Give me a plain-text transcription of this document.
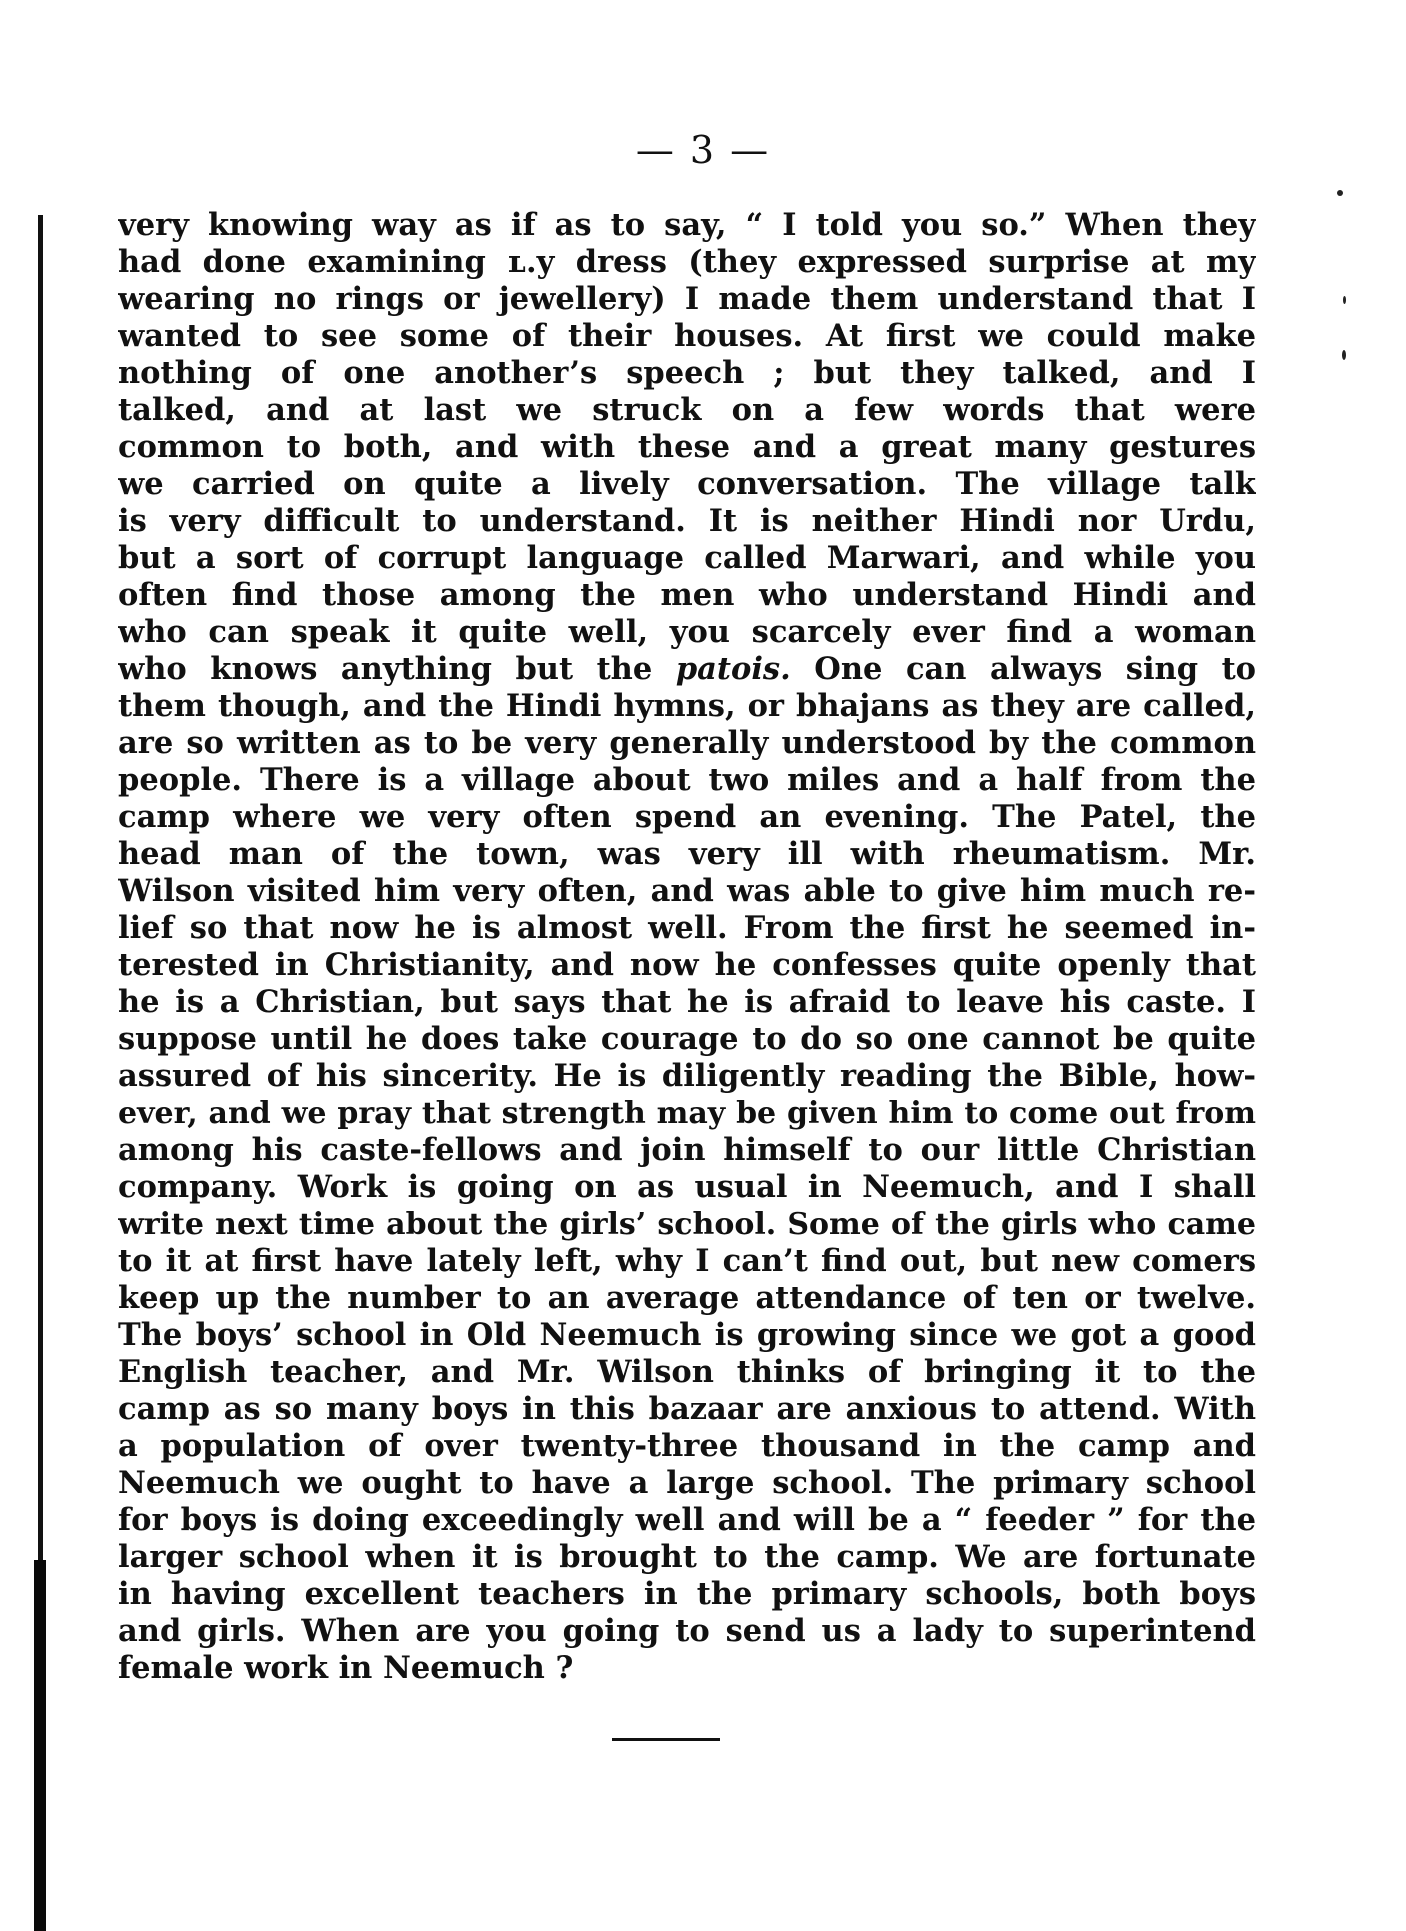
— 3 —
very knowing way as if as to say, “ I told you so.” When they
had done examining ʟ.y dress (they expressed surprise at my
wearing no rings or jewellery) I made them understand that I
wanted to see some of their houses. At first we could make
nothing of one another’s speech ; but they talked, and I
talked, and at last we struck on a few words that were
common to both, and with these and a great many gestures
we carried on quite a lively conversation. The village talk
is very difficult to understand. It is neither Hindi nor Urdu,
but a sort of corrupt language called Marwari, and while you
often find those among the men who understand Hindi and
who can speak it quite well, you scarcely ever find a woman
who knows anything but the patois. One can always sing to
them though, and the Hindi hymns, or bhajans as they are called,
are so written as to be very generally understood by the common
people. There is a village about two miles and a half from the
camp where we very often spend an evening. The Patel, the
head man of the town, was very ill with rheumatism. Mr.
Wilson visited him very often, and was able to give him much re-
lief so that now he is almost well. From the first he seemed in-
terested in Christianity, and now he confesses quite openly that
he is a Christian, but says that he is afraid to leave his caste. I
suppose until he does take courage to do so one cannot be quite
assured of his sincerity. He is diligently reading the Bible, how-
ever, and we pray that strength may be given him to come out from
among his caste-fellows and join himself to our little Christian
company. Work is going on as usual in Neemuch, and I shall
write next time about the girls’ school. Some of the girls who came
to it at first have lately left, why I can’t find out, but new comers
keep up the number to an average attendance of ten or twelve.
The boys’ school in Old Neemuch is growing since we got a good
English teacher, and Mr. Wilson thinks of bringing it to the
camp as so many boys in this bazaar are anxious to attend. With
a population of over twenty-three thousand in the camp and
Neemuch we ought to have a large school. The primary school
for boys is doing exceedingly well and will be a “ feeder ” for the
larger school when it is brought to the camp. We are fortunate
in having excellent teachers in the primary schools, both boys
and girls. When are you going to send us a lady to superintend
female work in Neemuch ?
